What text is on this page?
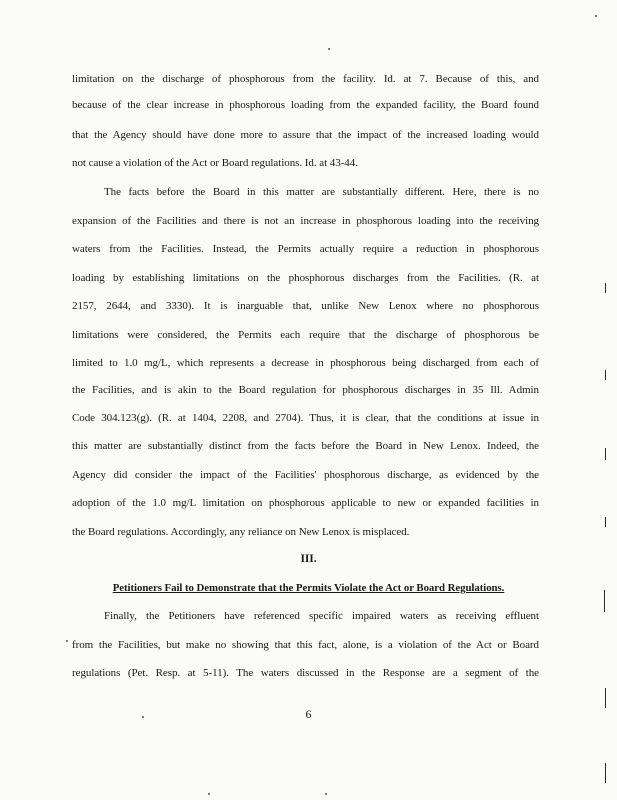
limitation on the discharge of phosphorous from the facility. Id. at 7. Because of this, and
because of the clear increase in phosphorous loading from the expanded facility, the Board found
that the Agency should have done more to assure that the impact of the increased loading would
not cause a violation of the Act or Board regulations. Id. at 43-44.
The facts before the Board in this matter are substantially different. Here, there is no
expansion of the Facilities and there is not an increase in phosphorous loading into the receiving
waters from the Facilities. Instead, the Permits actually require a reduction in phosphorous
loading by establishing limitations on the phosphorous discharges from the Facilities. (R. at
2157, 2644, and 3330). It is inarguable that, unlike New Lenox where no phosphorous
limitations were considered, the Permits each require that the discharge of phosphorous be
limited to 1.0 mg/L, which represents a decrease in phosphorous being discharged from each of
the Facilities, and is akin to the Board regulation for phosphorous discharges in 35 Ill. Admin
Code 304.123(g). (R. at 1404, 2208, and 2704). Thus, it is clear, that the conditions at issue in
this matter are substantially distinct from the facts before the Board in New Lenox. Indeed, the
Agency did consider the impact of the Facilities' phosphorous discharge, as evidenced by the
adoption of the 1.0 mg/L limitation on phosphorous applicable to new or expanded facilities in
the Board regulations. Accordingly, any reliance on New Lenox is misplaced.
III.
Petitioners Fail to Demonstrate that the Permits Violate the Act or Board Regulations.
Finally, the Petitioners have referenced specific impaired waters as receiving effluent
from the Facilities, but make no showing that this fact, alone, is a violation of the Act or Board
regulations (Pet. Resp. at 5-11). The waters discussed in the Response are a segment of the
6
